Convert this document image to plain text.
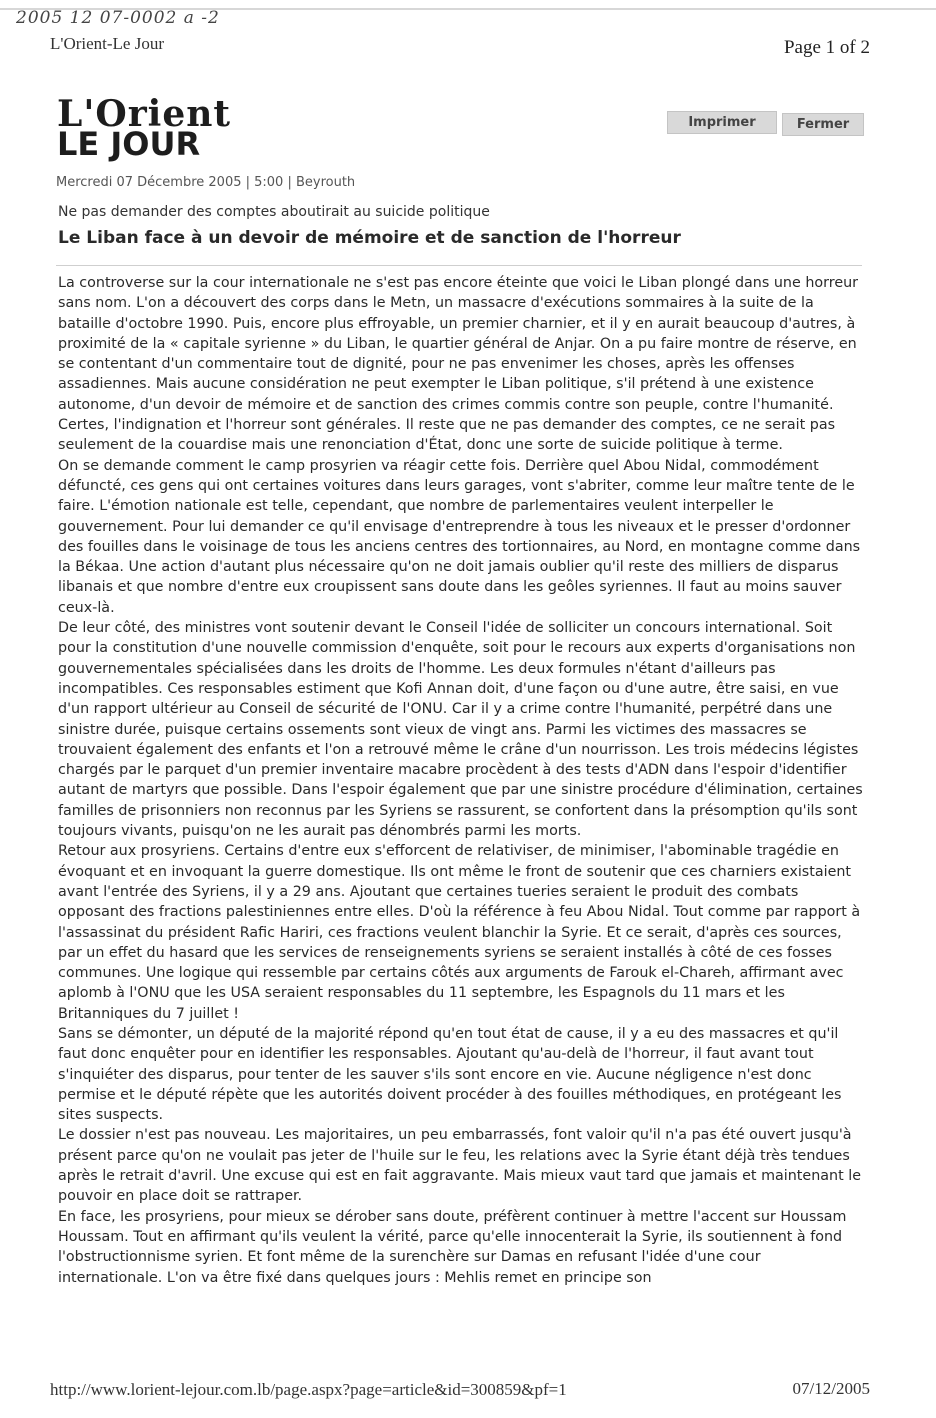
2005 12 07-0002 a -2
L'Orient-Le Jour	Page 1 of 2
L'Orient
LE JOUR
Imprimer	Fermer
Mercredi 07 Décembre 2005 | 5:00 | Beyrouth
Ne pas demander des comptes aboutirait au suicide politique
Le Liban face à un devoir de mémoire et de sanction de l'horreur

La controverse sur la cour internationale ne s'est pas encore éteinte que voici le Liban plongé dans une horreur sans nom. L'on a découvert des corps dans le Metn, un massacre d'exécutions sommaires à la suite de la bataille d'octobre 1990. Puis, encore plus effroyable, un premier charnier, et il y en aurait beaucoup d'autres, à proximité de la « capitale syrienne » du Liban, le quartier général de Anjar. On a pu faire montre de réserve, en se contentant d'un commentaire tout de dignité, pour ne pas envenimer les choses, après les offenses assadiennes. Mais aucune considération ne peut exempter le Liban politique, s'il prétend à une existence autonome, d'un devoir de mémoire et de sanction des crimes commis contre son peuple, contre l'humanité. Certes, l'indignation et l'horreur sont générales. Il reste que ne pas demander des comptes, ce ne serait pas seulement de la couardise mais une renonciation d'État, donc une sorte de suicide politique à terme.

On se demande comment le camp prosyrien va réagir cette fois. Derrière quel Abou Nidal, commodément défuncté, ces gens qui ont certaines voitures dans leurs garages, vont s'abriter, comme leur maître tente de le faire. L'émotion nationale est telle, cependant, que nombre de parlementaires veulent interpeller le gouvernement. Pour lui demander ce qu'il envisage d'entreprendre à tous les niveaux et le presser d'ordonner des fouilles dans le voisinage de tous les anciens centres des tortionnaires, au Nord, en montagne comme dans la Békaa. Une action d'autant plus nécessaire qu'on ne doit jamais oublier qu'il reste des milliers de disparus libanais et que nombre d'entre eux croupissent sans doute dans les geôles syriennes. Il faut au moins sauver ceux-là.

De leur côté, des ministres vont soutenir devant le Conseil l'idée de solliciter un concours international. Soit pour la constitution d'une nouvelle commission d'enquête, soit pour le recours aux experts d'organisations non gouvernementales spécialisées dans les droits de l'homme. Les deux formules n'étant d'ailleurs pas incompatibles. Ces responsables estiment que Kofi Annan doit, d'une façon ou d'une autre, être saisi, en vue d'un rapport ultérieur au Conseil de sécurité de l'ONU. Car il y a crime contre l'humanité, perpétré dans une sinistre durée, puisque certains ossements sont vieux de vingt ans. Parmi les victimes des massacres se trouvaient également des enfants et l'on a retrouvé même le crâne d'un nourrisson. Les trois médecins légistes chargés par le parquet d'un premier inventaire macabre procèdent à des tests d'ADN dans l'espoir d'identifier autant de martyrs que possible. Dans l'espoir également que par une sinistre procédure d'élimination, certaines familles de prisonniers non reconnus par les Syriens se rassurent, se confortent dans la présomption qu'ils sont toujours vivants, puisqu'on ne les aurait pas dénombrés parmi les morts.

Retour aux prosyriens. Certains d'entre eux s'efforcent de relativiser, de minimiser, l'abominable tragédie en évoquant et en invoquant la guerre domestique. Ils ont même le front de soutenir que ces charniers existaient avant l'entrée des Syriens, il y a 29 ans. Ajoutant que certaines tueries seraient le produit des combats opposant des fractions palestiniennes entre elles. D'où la référence à feu Abou Nidal. Tout comme par rapport à l'assassinat du président Rafic Hariri, ces fractions veulent blanchir la Syrie. Et ce serait, d'après ces sources, par un effet du hasard que les services de renseignements syriens se seraient installés à côté de ces fosses communes. Une logique qui ressemble par certains côtés aux arguments de Farouk el-Chareh, affirmant avec aplomb à l'ONU que les USA seraient responsables du 11 septembre, les Espagnols du 11 mars et les Britanniques du 7 juillet !

Sans se démonter, un député de la majorité répond qu'en tout état de cause, il y a eu des massacres et qu'il faut donc enquêter pour en identifier les responsables. Ajoutant qu'au-delà de l'horreur, il faut avant tout s'inquiéter des disparus, pour tenter de les sauver s'ils sont encore en vie. Aucune négligence n'est donc permise et le député répète que les autorités doivent procéder à des fouilles méthodiques, en protégeant les sites suspects.

Le dossier n'est pas nouveau. Les majoritaires, un peu embarrassés, font valoir qu'il n'a pas été ouvert jusqu'à présent parce qu'on ne voulait pas jeter de l'huile sur le feu, les relations avec la Syrie étant déjà très tendues après le retrait d'avril. Une excuse qui est en fait aggravante. Mais mieux vaut tard que jamais et maintenant le pouvoir en place doit se rattraper.

En face, les prosyriens, pour mieux se dérober sans doute, préfèrent continuer à mettre l'accent sur Houssam Houssam. Tout en affirmant qu'ils veulent la vérité, parce qu'elle innocenterait la Syrie, ils soutiennent à fond l'obstructionnisme syrien. Et font même de la surenchère sur Damas en refusant l'idée d'une cour internationale. L'on va être fixé dans quelques jours : Mehlis remet en principe son

http://www.lorient-lejour.com.lb/page.aspx?page=article&id=300859&pf=1	07/12/2005
